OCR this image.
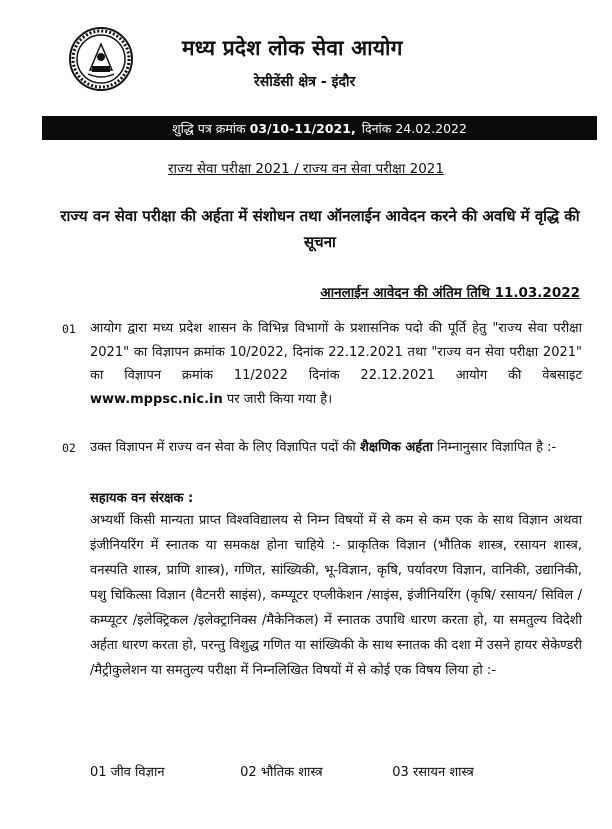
मध्य प्रदेश लोक सेवा आयोग
रेसीडेंसी क्षेत्र - इंदौर
शुद्धि पत्र क्रमांक 03/10-11/2021, दिनांक 24.02.2022
राज्य सेवा परीक्षा 2021 / राज्य वन सेवा परीक्षा 2021
राज्य वन सेवा परीक्षा की अर्हता में संशोधन तथा ऑनलाईन आवेदन करने की अवधि में वृद्धि की सूचना
आनलाईन आवेदन की अंतिम तिथि 11.03.2022
01 आयोग द्वारा मध्य प्रदेश शासन के विभिन्न विभागों के प्रशासनिक पदो की पूर्ति हेतु "राज्य सेवा परीक्षा 2021" का विज्ञापन क्रमांक 10/2022, दिनांक 22.12.2021 तथा "राज्य वन सेवा परीक्षा 2021" का विज्ञापन क्रमांक 11/2022 दिनांक 22.12.2021 आयोग की वेबसाइट www.mppsc.nic.in पर जारी किया गया है।
02 उक्त विज्ञापन में राज्य वन सेवा के लिए विज्ञापित पदों की शैक्षणिक अर्हता निम्नानुसार विज्ञापित है :-
सहायक वन संरक्षक :
अभ्यर्थी किसी मान्यता प्राप्त विश्वविद्यालय से निम्न विषयों में से कम से कम एक के साथ विज्ञान अथवा इंजीनियरिंग में स्नातक या समकक्ष होना चाहिये :- प्राकृतिक विज्ञान (भौतिक शास्त्र, रसायन शास्त्र, वनस्पति शास्त्र, प्राणि शास्त्र), गणित, सांख्यिकी, भू-विज्ञान, कृषि, पर्यावरण विज्ञान, वानिकी, उद्यानिकी, पशु चिकित्सा विज्ञान (वैटनरी साइंस), कम्प्यूटर एप्लीकेशन /साइंस, इंजीनियरिंग (कृषि/ रसायन/ सिविल /कम्प्यूटर /इलेक्ट्रिकल /इलेक्ट्रानिक्स /मैकेनिकल) में स्नातक उपाधि धारण करता हो, या समतुल्य विदेशी अर्हता धारण करता हो, परन्तु विशुद्ध गणित या सांख्यिकी के साथ स्नातक की दशा में उसने हायर सेकेण्डरी /मैट्रीकुलेशन या समतुल्य परीक्षा में निम्नलिखित विषयों में से कोई एक विषय लिया हो :-
01 जीव विज्ञान	02 भौतिक शास्त्र	03 रसायन शास्त्र
